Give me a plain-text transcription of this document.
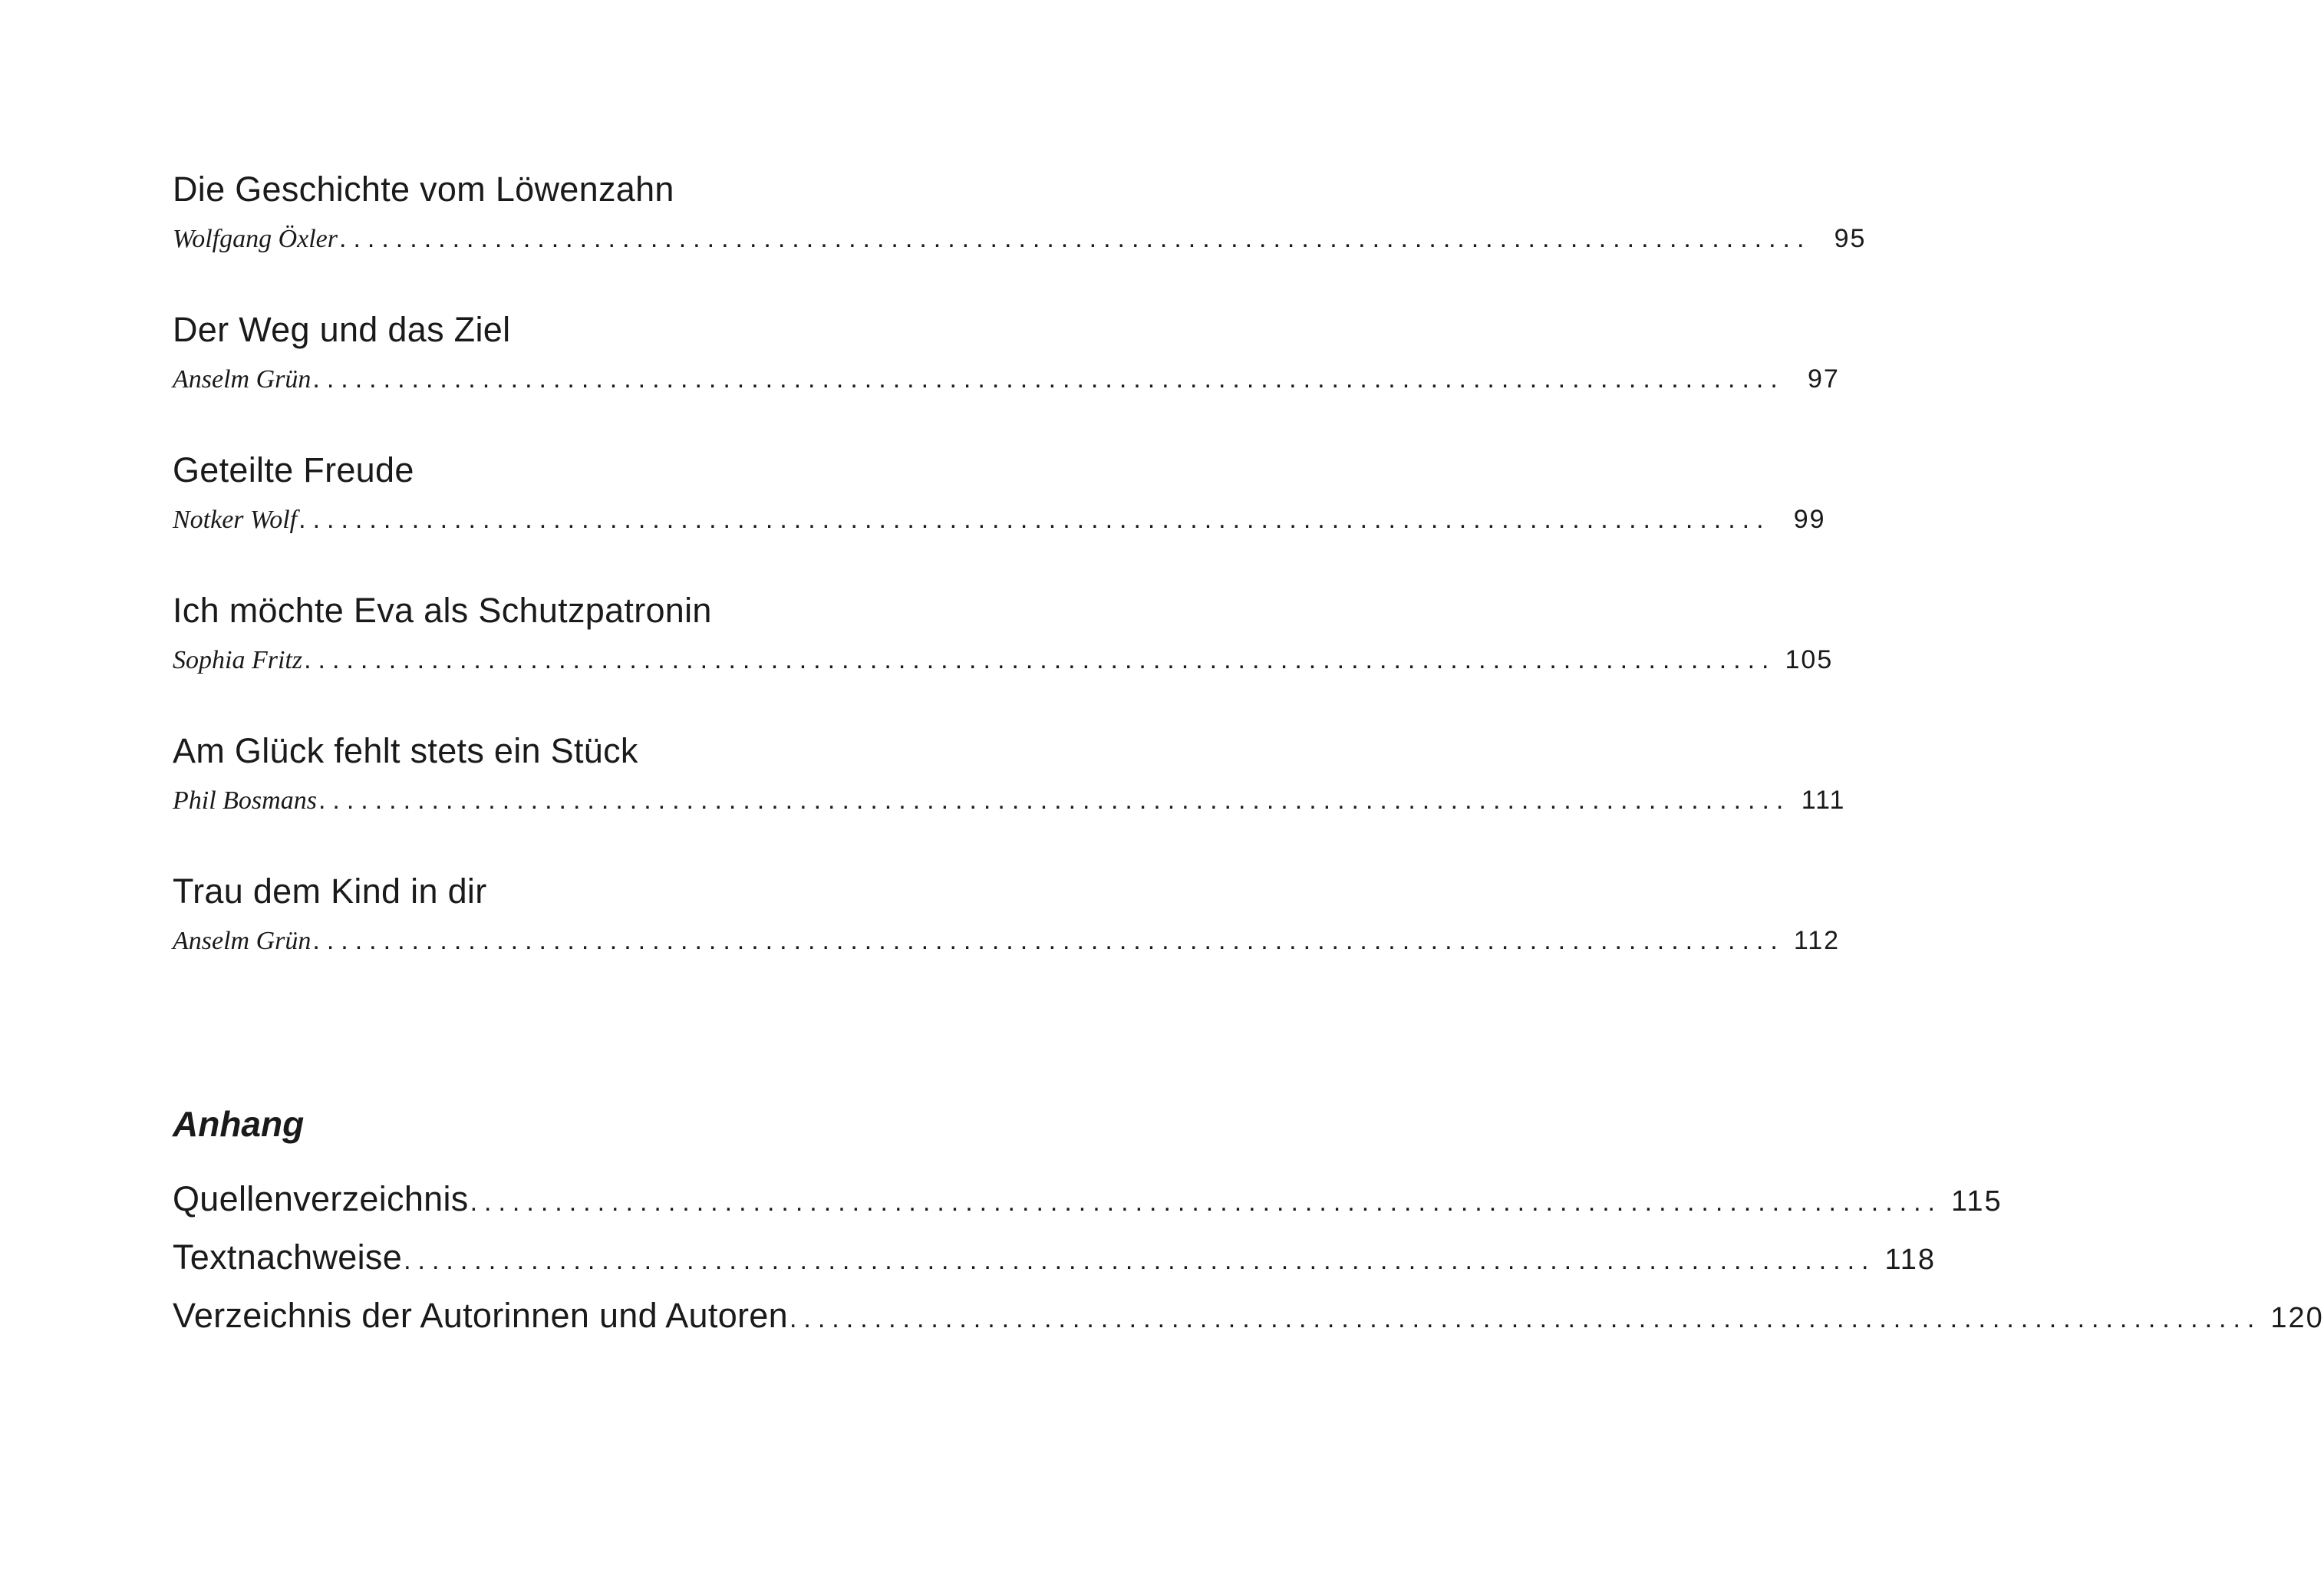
Die Geschichte vom Löwenzahn
Wolfgang Öxler ........................................................................................................ 95
Der Weg und das Ziel
Anselm Grün ........................................................................................................ 97
Geteilte Freude
Notker Wolf ........................................................................................................ 99
Ich möchte Eva als Schutzpatronin
Sophia Fritz ........................................................................................................ 105
Am Glück fehlt stets ein Stück
Phil Bosmans ........................................................................................................ 111
Trau dem Kind in dir
Anselm Grün ........................................................................................................ 112
Anhang
Quellenverzeichnis ........................................................................................................ 115
Textnachweise ........................................................................................................ 118
Verzeichnis der Autorinnen und Autoren ........................................................................................................ 120
